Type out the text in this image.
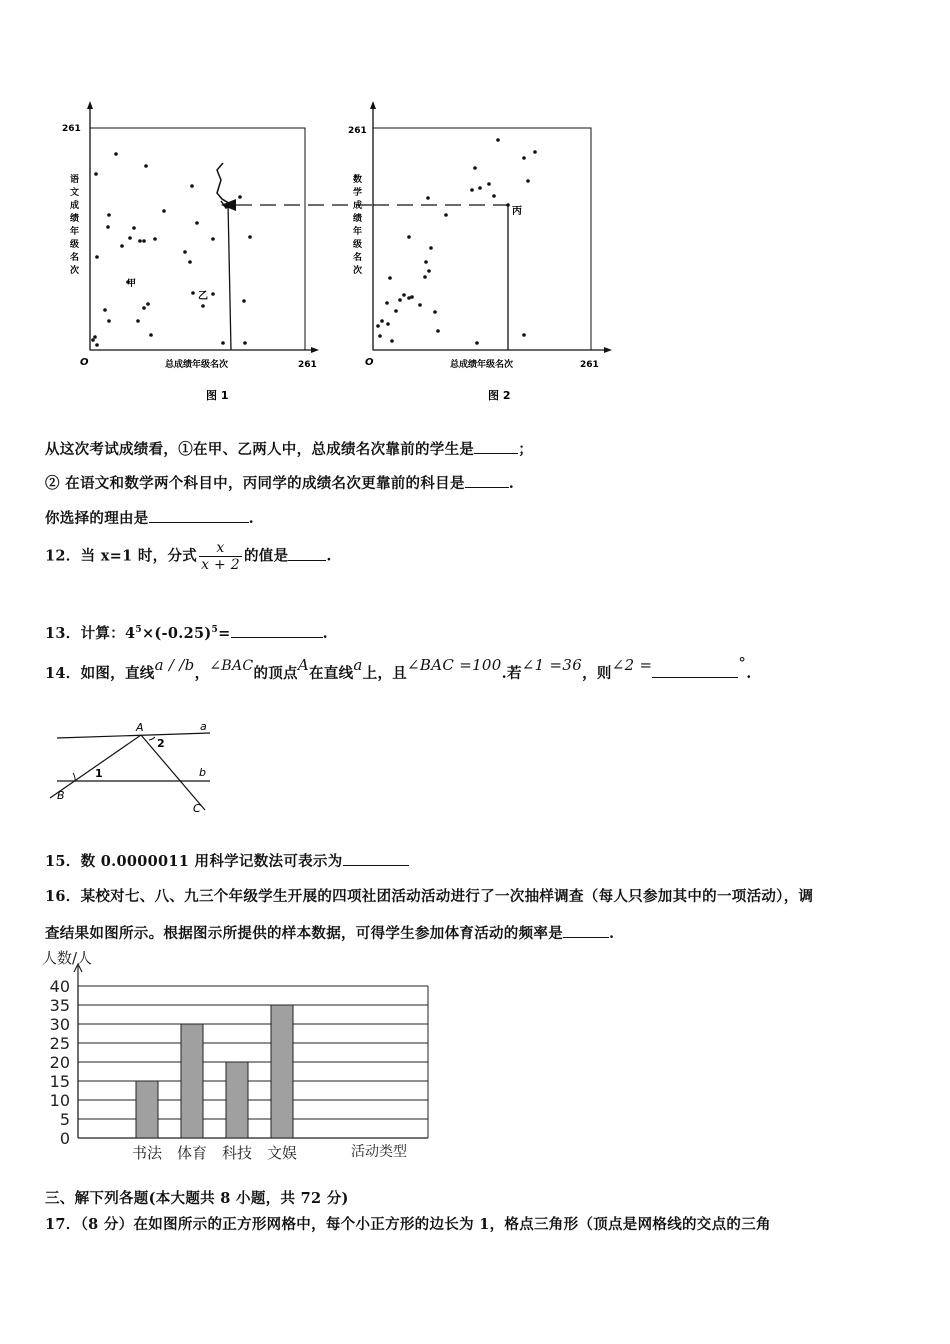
261
261
O
语
文
成
绩
年
级
名
次
总成绩年级名次
图 1
甲
乙
261
261
O
数
学
成
绩
年
级
名
次
总成绩年级名次
图 2
丙
从这次考试成绩看，①在甲、乙两人中，总成绩名次靠前的学生是	；
② 在语文和数学两个科目中，丙同学的成绩名次更靠前的科目是	.
你选择的理由是	.
12．当 x=1 时，分式 $\frac{x}{x + 2}$ 的值是	.
13．计算：$4^5\times(-0.25)^5=$	.
14．如图，直线a / /b，∠BAC的顶点A在直线a上，且∠BAC =100.若∠1 =36，则∠2 =	°.
A	a
b
B
C
1
2
15．数 0.0000011 用科学记数法可表示为
16．某校对七、八、九三个年级学生开展的四项社团活动活动进行了一次抽样调查（每人只参加其中的一项活动），调
查结果如图所示。根据图示所提供的样本数据，可得学生参加体育活动的频率是	.
0
5
10
15
20
25
30
35
40
人数/人
书法 体育 科技 文娱	活动类型
三、解下列各题(本大题共 8 小题，共 72 分)
17．（8 分）在如图所示的正方形网格中，每个小正方形的边长为 1，格点三角形（顶点是网格线的交点的三角
